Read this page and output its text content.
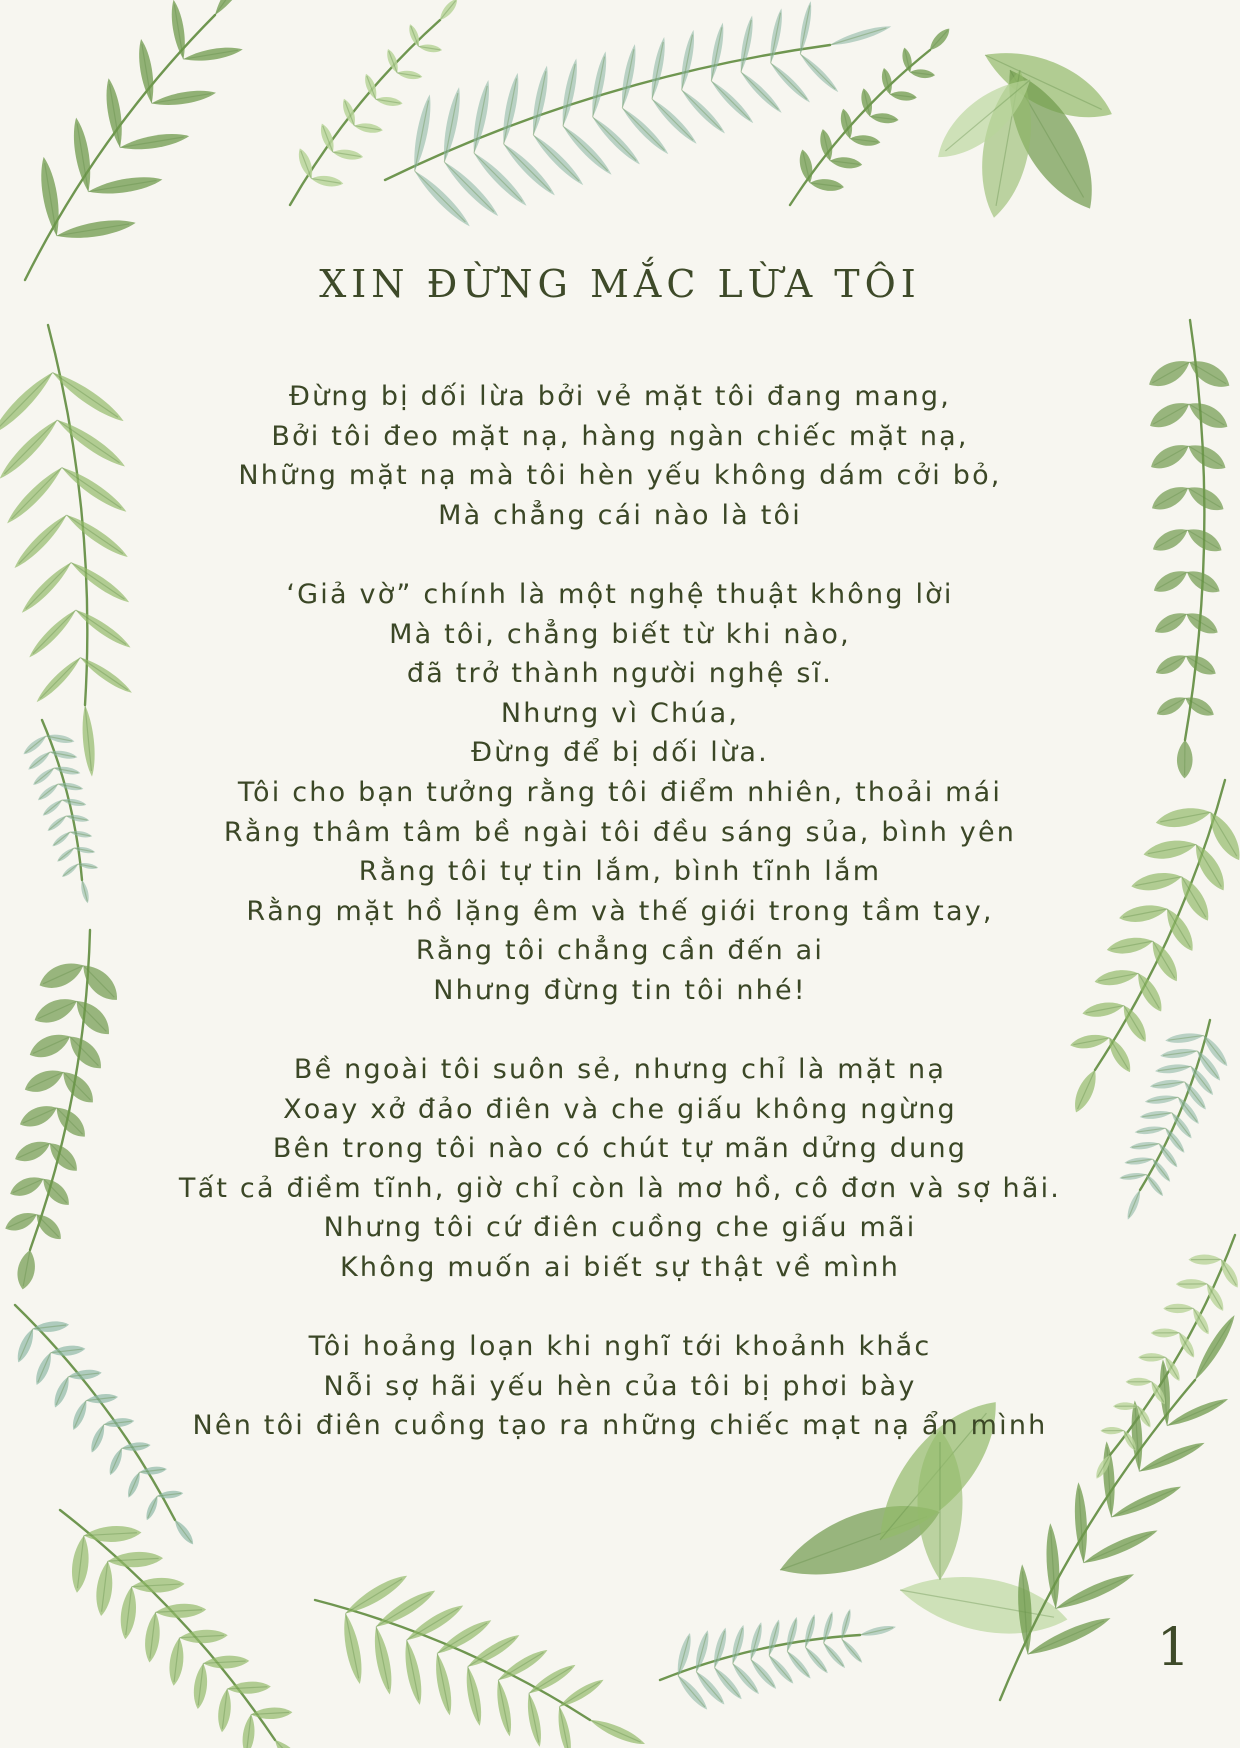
XIN ĐỪNG MẮC LỪA TÔI
Đừng bị dối lừa bởi vẻ mặt tôi đang mang,
Bởi tôi đeo mặt nạ, hàng ngàn chiếc mặt nạ,
Những mặt nạ mà tôi hèn yếu không dám cởi bỏ,
Mà chẳng cái nào là tôi
‘Giả vờ” chính là một nghệ thuật không lời
Mà tôi, chẳng biết từ khi nào,
đã trở thành người nghệ sĩ.
Nhưng vì Chúa,
Đừng để bị dối lừa.
Tôi cho bạn tưởng rằng tôi điểm nhiên, thoải mái
Rằng thâm tâm bề ngài tôi đều sáng sủa, bình yên
Rằng tôi tự tin lắm, bình tĩnh lắm
Rằng mặt hồ lặng êm và thế giới trong tầm tay,
Rằng tôi chẳng cần đến ai
Nhưng đừng tin tôi nhé!
Bề ngoài tôi suôn sẻ, nhưng chỉ là mặt nạ
Xoay xở đảo điên và che giấu không ngừng
Bên trong tôi nào có chút tự mãn dửng dung
Tất cả điềm tĩnh, giờ chỉ còn là mơ hồ, cô đơn và sợ hãi.
Nhưng tôi cứ điên cuồng che giấu mãi
Không muốn ai biết sự thật về mình
Tôi hoảng loạn khi nghĩ tới khoảnh khắc
Nỗi sợ hãi yếu hèn của tôi bị phơi bày
Nên tôi điên cuồng tạo ra những chiếc mạt nạ ẩn mình
1
